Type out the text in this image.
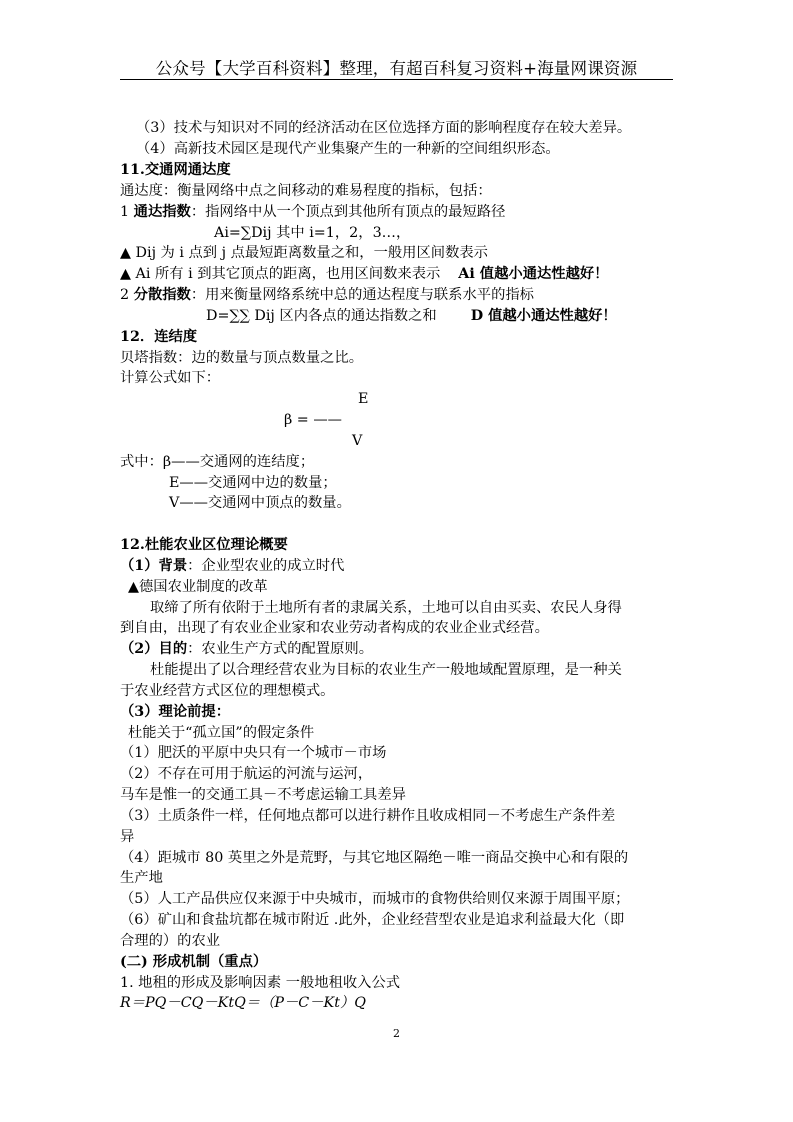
公众号【大学百科资料】整理，有超百科复习资料+海量网课资源
（3）技术与知识对不同的经济活动在区位选择方面的影响程度存在较大差异。
（4）高新技术园区是现代产业集聚产生的一种新的空间组织形态。
11.交通网通达度
通达度：衡量网络中点之间移动的难易程度的指标，包括：
1 通达指数：指网络中从一个顶点到其他所有顶点的最短路径
Ai=∑Dij 其中 i=1，2，3…，
▲ Dij 为 i 点到 j 点最短距离数量之和，一般用区间数表示
▲ Ai 所有 i 到其它顶点的距离，也用区间数来表示 Ai 值越小通达性越好！
2 分散指数：用来衡量网络系统中总的通达程度与联系水平的指标
D=∑∑ Dij 区内各点的通达指数之和 D 值越小通达性越好！
12．连结度
贝塔指数：边的数量与顶点数量之比。
计算公式如下：
E
β = ——
V
式中：β——交通网的连结度；
E——交通网中边的数量；
V——交通网中顶点的数量。
12.杜能农业区位理论概要
（1）背景：企业型农业的成立时代
▲德国农业制度的改革
取缔了所有依附于土地所有者的隶属关系，土地可以自由买卖、农民人身得
到自由，出现了有农业企业家和农业劳动者构成的农业企业式经营。
（2）目的：农业生产方式的配置原则。
杜能提出了以合理经营农业为目标的农业生产一般地域配置原理，是一种关
于农业经营方式区位的理想模式。
（3）理论前提：
杜能关于“孤立国”的假定条件
（1）肥沃的平原中央只有一个城市－市场
（2）不存在可用于航运的河流与运河，
马车是惟一的交通工具－不考虑运输工具差异
（3）土质条件一样，任何地点都可以进行耕作且收成相同－不考虑生产条件差
异
（4）距城市 80 英里之外是荒野，与其它地区隔绝－唯一商品交换中心和有限的
生产地
（5）人工产品供应仅来源于中央城市，而城市的食物供给则仅来源于周围平原；
（6）矿山和食盐坑都在城市附近 .此外，企业经营型农业是追求利益最大化（即
合理的）的农业
(二) 形成机制（重点）
1. 地租的形成及影响因素 一般地租收入公式
R＝PQ－CQ－KtQ＝（P－C－Kt）Q
2
